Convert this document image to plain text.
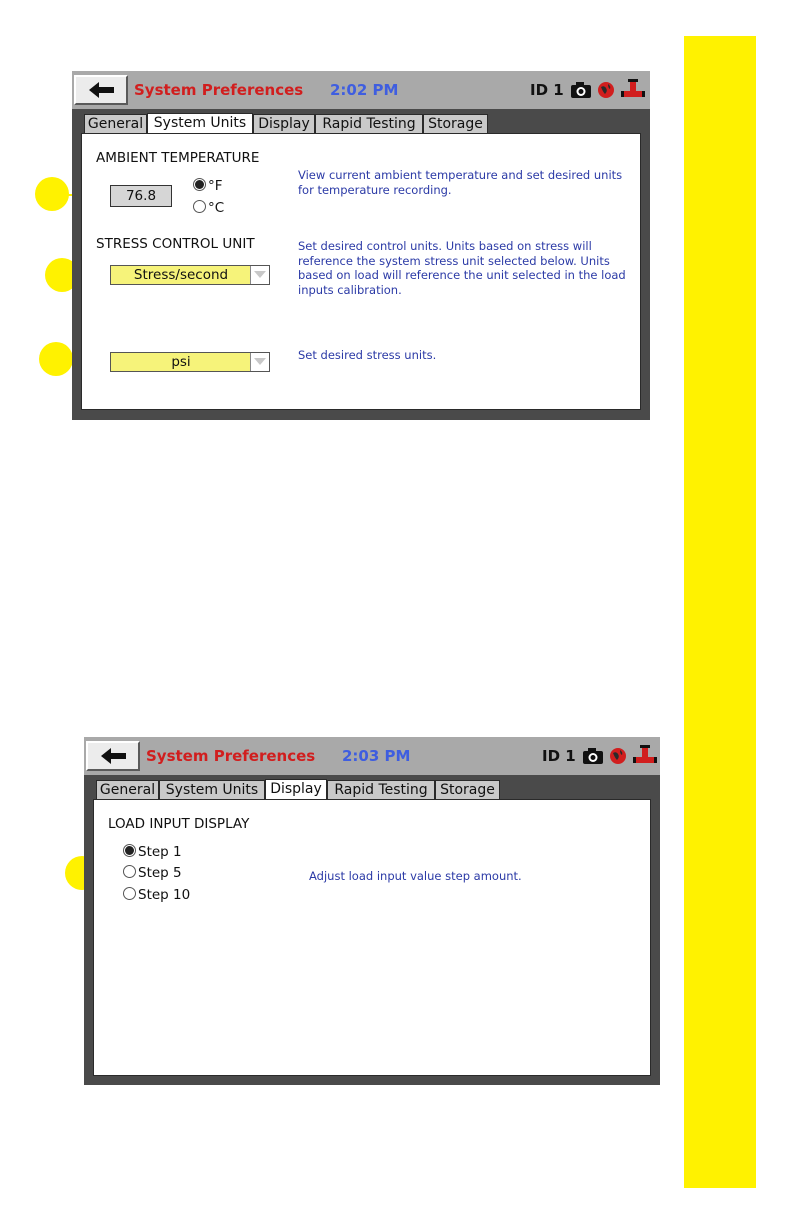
System Preferences 2:02 PM	ID 1
General System Units Display Rapid Testing Storage
AMBIENT TEMPERATURE
76.8
°F
°C
View current ambient temperature and set desired units for temperature recording.
STRESS CONTROL UNIT
Stress/second
Set desired control units. Units based on stress will reference the system stress unit selected below. Units based on load will reference the unit selected in the load inputs calibration.
psi	Set desired stress units.
System Preferences 2:03 PM	ID 1
General System Units Display Rapid Testing Storage
LOAD INPUT DISPLAY
Step 1
Step 5
Step 10
Adjust load input value step amount.
